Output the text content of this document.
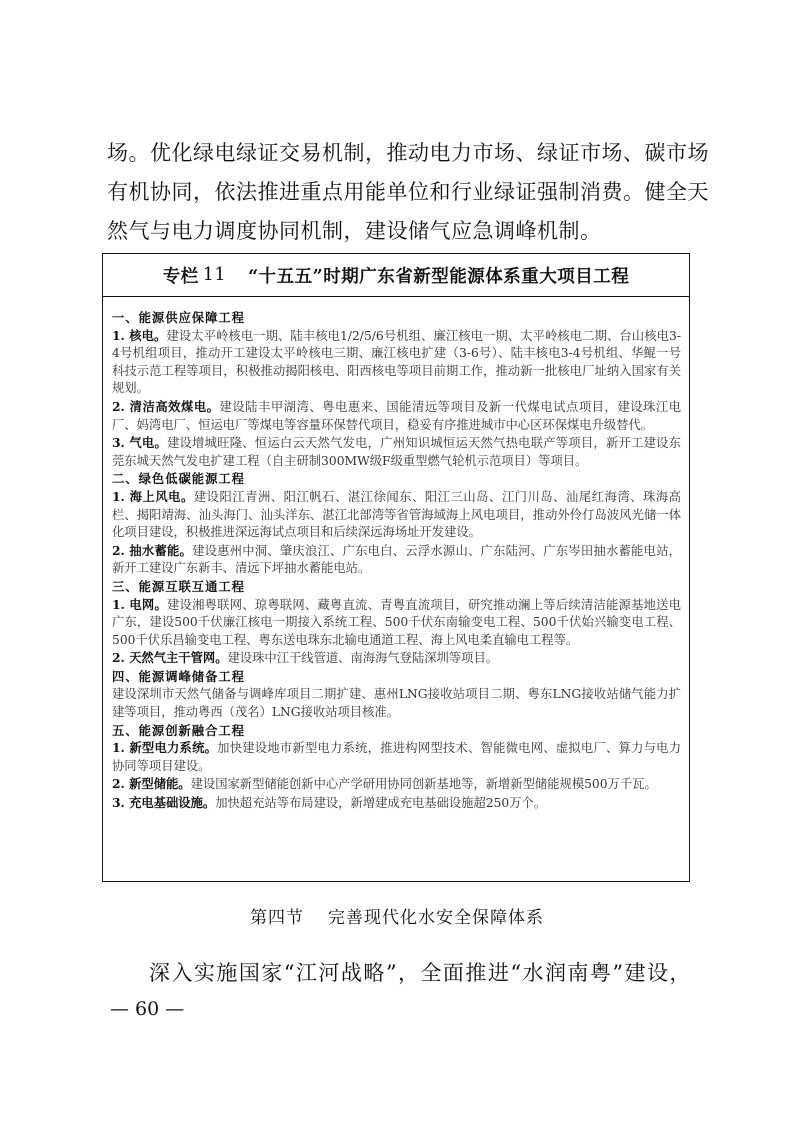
场。优化绿电绿证交易机制，推动电力市场、绿证市场、碳市场
有机协同，依法推进重点用能单位和行业绿证强制消费。健全天
然气与电力调度协同机制，建设储气应急调峰机制。
专栏 11 “十五五”时期广东省新型能源体系重大项目工程
一、能源供应保障工程
1. 核电。建设太平岭核电一期、陆丰核电1/2/5/6号机组、廉江核电一期、太平岭核电二期、台山核电3-4号机组项目，推动开工建设太平岭核电三期、廉江核电扩建（3-6号）、陆丰核电3-4号机组、华鲲一号科技示范工程等项目，积极推动揭阳核电、阳西核电等项目前期工作，推动新一批核电厂址纳入国家有关规划。
2. 清洁高效煤电。建设陆丰甲湖湾、粤电惠来、国能清远等项目及新一代煤电试点项目，建设珠江电厂、妈湾电厂、恒运电厂等煤电等容量环保替代项目，稳妥有序推进城市中心区环保煤电升级替代。
3. 气电。建设增城旺隆、恒运白云天然气发电，广州知识城恒运天然气热电联产等项目，新开工建设东莞东城天然气发电扩建工程（自主研制300MW级F级重型燃气轮机示范项目）等项目。
二、绿色低碳能源工程
1. 海上风电。建设阳江青洲、阳江帆石、湛江徐闻东、阳江三山岛、江门川岛、汕尾红海湾、珠海高栏、揭阳靖海、汕头海门、汕头洋东、湛江北部湾等省管海域海上风电项目，推动外伶仃岛波风光储一体化项目建设，积极推进深远海试点项目和后续深远海场址开发建设。
2. 抽水蓄能。建设惠州中洞、肇庆浪江、广东电白、云浮水源山、广东陆河、广东岑田抽水蓄能电站，新开工建设广东新丰、清远下坪抽水蓄能电站。
三、能源互联互通工程
1. 电网。建设湘粤联网、琼粤联网、藏粤直流、青粤直流项目，研究推动澜上等后续清洁能源基地送电广东，建设500千伏廉江核电一期接入系统工程、500千伏东南输变电工程、500千伏始兴输变电工程、500千伏乐昌输变电工程、粤东送电珠东北输电通道工程、海上风电柔直输电工程等。
2. 天然气主干管网。建设珠中江干线管道、南海海气登陆深圳等项目。
四、能源调峰储备工程
建设深圳市天然气储备与调峰库项目二期扩建、惠州LNG接收站项目二期、粤东LNG接收站储气能力扩建等项目，推动粤西（茂名）LNG接收站项目核准。
五、能源创新融合工程
1. 新型电力系统。加快建设地市新型电力系统，推进构网型技术、智能微电网、虚拟电厂、算力与电力协同等项目建设。
2. 新型储能。建设国家新型储能创新中心产学研用协同创新基地等，新增新型储能规模500万千瓦。
3. 充电基础设施。加快超充站等布局建设，新增建成充电基础设施超250万个。
第四节 完善现代化水安全保障体系
深入实施国家“江河战略”，全面推进“水润南粤”建设，
— 60 —
